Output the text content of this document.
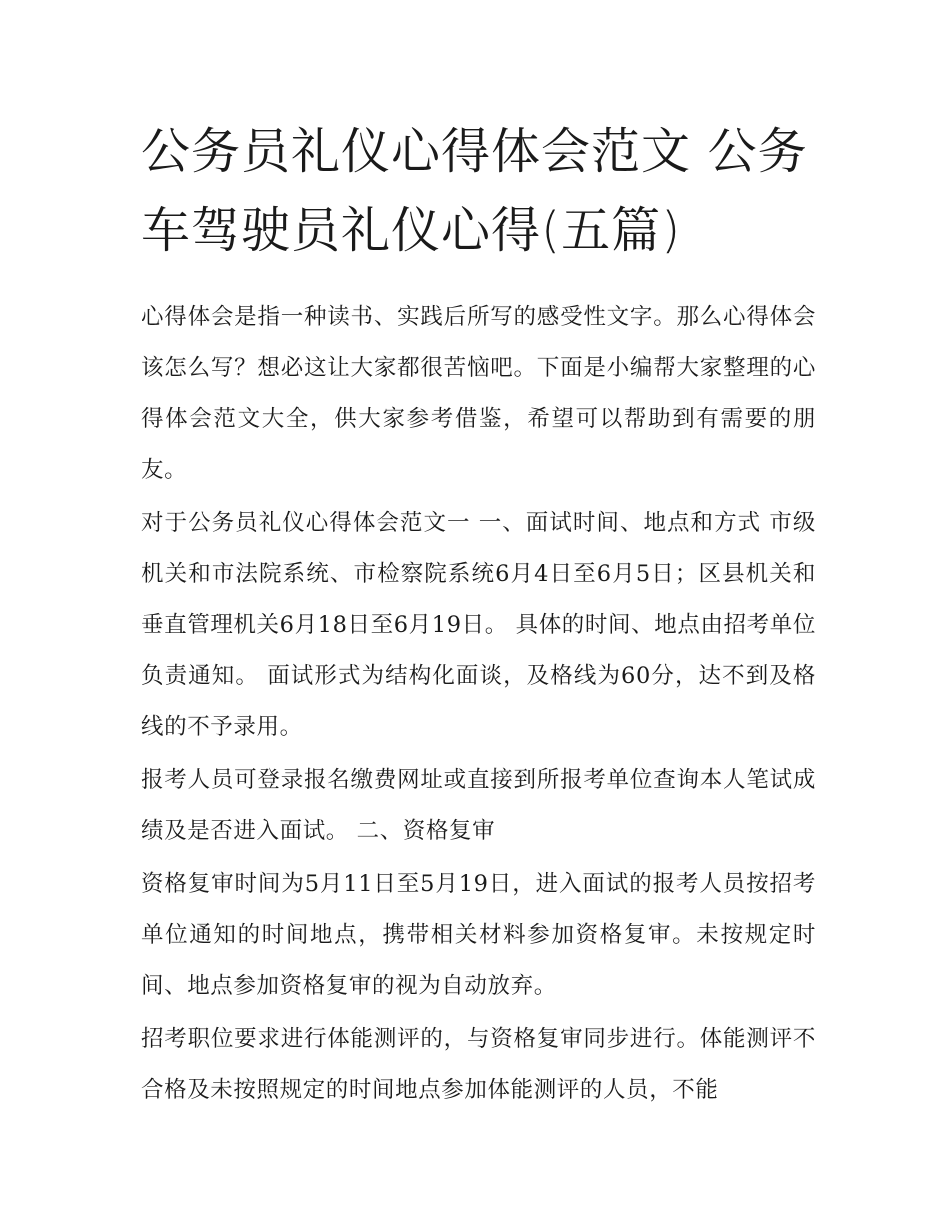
公务员礼仪心得体会范文 公务车驾驶员礼仪心得(五篇)

心得体会是指一种读书、实践后所写的感受性文字。那么心得体会该怎么写？想必这让大家都很苦恼吧。下面是小编帮大家整理的心得体会范文大全，供大家参考借鉴，希望可以帮助到有需要的朋友。

对于公务员礼仪心得体会范文一 一、面试时间、地点和方式 市级机关和市法院系统、市检察院系统6月4日至6月5日；区县机关和垂直管理机关6月18日至6月19日。 具体的时间、地点由招考单位负责通知。 面试形式为结构化面谈，及格线为60分，达不到及格线的不予录用。

报考人员可登录报名缴费网址或直接到所报考单位查询本人笔试成绩及是否进入面试。 二、资格复审

资格复审时间为5月11日至5月19日，进入面试的报考人员按招考单位通知的时间地点，携带相关材料参加资格复审。未按规定时间、地点参加资格复审的视为自动放弃。

招考职位要求进行体能测评的，与资格复审同步进行。体能测评不合格及未按照规定的时间地点参加体能测评的人员，不能
